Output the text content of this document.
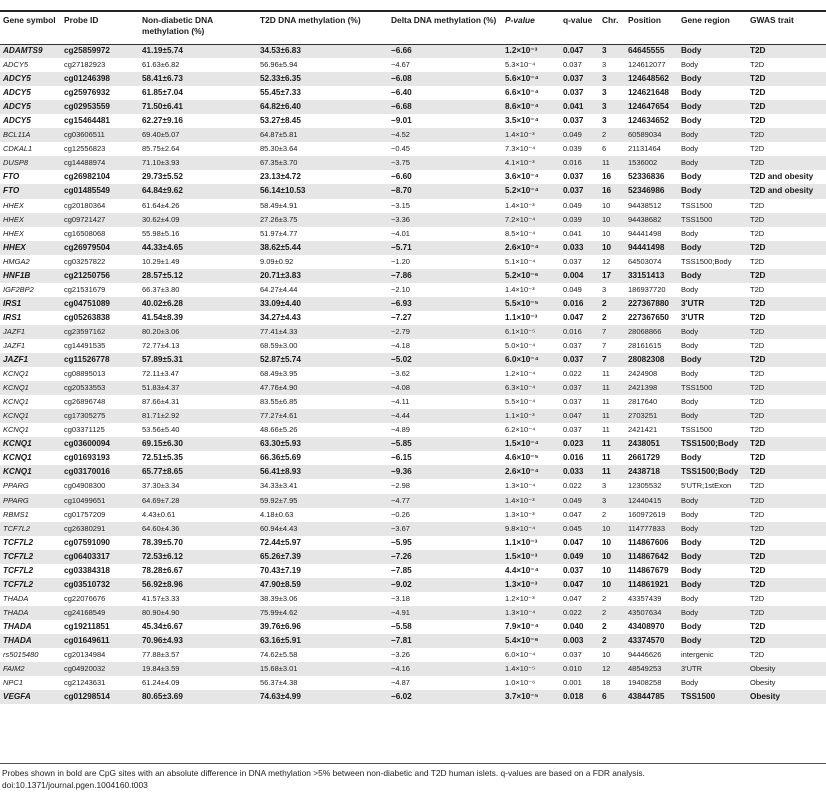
Gene symbol	Probe ID	Non-diabetic DNA methylation (%)	T2D DNA methylation (%)	Delta DNA methylation (%)	P-value	q-value	Chr.	Position	Gene region	GWAS trait
ADAMTS9	cg25859972	41.19±5.74	34.53±6.83	−6.66	1.2×10⁻³	0.047	3	64645555	Body	T2D
ADCY5	cg27182923	61.63±6.82	56.96±5.94	−4.67	5.3×10⁻⁴	0.037	3	124612077	Body	T2D
ADCY5	cg01246398	58.41±6.73	52.33±6.35	−6.08	5.6×10⁻⁴	0.037	3	124648562	Body	T2D
ADCY5	cg25976932	61.85±7.04	55.45±7.33	−6.40	6.6×10⁻⁴	0.037	3	124621648	Body	T2D
ADCY5	cg02953559	71.50±6.41	64.82±6.40	−6.68	8.6×10⁻⁴	0.041	3	124647654	Body	T2D
ADCY5	cg15464481	62.27±9.16	53.27±8.45	−9.01	3.5×10⁻⁴	0.037	3	124634652	Body	T2D
BCL11A	cg03606511	69.40±5.07	64.87±5.81	−4.52	1.4×10⁻³	0.049	2	60589034	Body	T2D
CDKAL1	cg12556823	85.75±2.64	85.30±3.64	−0.45	7.3×10⁻⁴	0.039	6	21131464	Body	T2D
DUSP8	cg14488974	71.10±3.93	67.35±3.70	−3.75	4.1×10⁻³	0.016	11	1536002	Body	T2D
FTO	cg26982104	29.73±5.52	23.13±4.72	−6.60	3.6×10⁻⁴	0.037	16	52336836	Body	T2D and obesity
FTO	cg01485549	64.84±9.62	56.14±10.53	−8.70	5.2×10⁻⁴	0.037	16	52346986	Body	T2D and obesity
HHEX	cg20180364	61.64±4.26	58.49±4.91	−3.15	1.4×10⁻³	0.049	10	94438512	TSS1500	T2D
HHEX	cg09721427	30.62±4.09	27.26±3.75	−3.36	7.2×10⁻⁴	0.039	10	94438682	TSS1500	T2D
HHEX	cg16508068	55.98±5.16	51.97±4.77	−4.01	8.5×10⁻⁴	0.041	10	94441498	Body	T2D
HHEX	cg26979504	44.33±4.65	38.62±5.44	−5.71	2.6×10⁻⁴	0.033	10	94441498	Body	T2D
HMGA2	cg03257822	10.29±1.49	9.09±0.92	−1.20	5.1×10⁻⁴	0.037	12	64503074	TSS1500;Body	T2D
HNF1B	cg21250756	28.57±5.12	20.71±3.83	−7.86	5.2×10⁻⁶	0.004	17	33151413	Body	T2D
IGF2BP2	cg21531679	66.37±3.80	64.27±4.44	−2.10	1.4×10⁻³	0.049	3	186937720	Body	T2D
IRS1	cg04751089	40.02±6.28	33.09±4.40	−6.93	5.5×10⁻⁵	0.016	2	227367880	3′UTR	T2D
IRS1	cg05263838	41.54±8.39	34.27±4.43	−7.27	1.1×10⁻³	0.047	2	227367650	3′UTR	T2D
JAZF1	cg23597162	80.20±3.06	77.41±4.33	−2.79	6.1×10⁻⁵	0.016	7	28068866	Body	T2D
JAZF1	cg14491535	72.77±4.13	68.59±3.00	−4.18	5.0×10⁻⁴	0.037	7	28161615	Body	T2D
JAZF1	cg11526778	57.89±5.31	52.87±5.74	−5.02	6.0×10⁻⁴	0.037	7	28082308	Body	T2D
KCNQ1	cg08895013	72.11±3.47	68.49±3.95	−3.62	1.2×10⁻⁴	0.022	11	2424908	Body	T2D
KCNQ1	cg20533553	51.83±4.37	47.76±4.90	−4.08	6.3×10⁻⁴	0.037	11	2421398	TSS1500	T2D
KCNQ1	cg26896748	87.66±4.31	83.55±6.85	−4.11	5.5×10⁻⁴	0.037	11	2817640	Body	T2D
KCNQ1	cg17305275	81.71±2.92	77.27±4.61	−4.44	1.1×10⁻³	0.047	11	2703251	Body	T2D
KCNQ1	cg03371125	53.56±5.40	48.66±5.26	−4.89	6.2×10⁻⁴	0.037	11	2421421	TSS1500	T2D
KCNQ1	cg03600094	69.15±6.30	63.30±5.93	−5.85	1.5×10⁻⁴	0.023	11	2438051	TSS1500;Body	T2D
KCNQ1	cg01693193	72.51±5.35	66.36±5.69	−6.15	4.6×10⁻⁵	0.016	11	2661729	Body	T2D
KCNQ1	cg03170016	65.77±8.65	56.41±8.93	−9.36	2.6×10⁻⁴	0.033	11	2438718	TSS1500;Body	T2D
PPARG	cg04908300	37.30±3.34	34.33±3.41	−2.98	1.3×10⁻⁴	0.022	3	12305532	5′UTR;1stExon	T2D
PPARG	cg10499651	64.69±7.28	59.92±7.95	−4.77	1.4×10⁻³	0.049	3	12440415	Body	T2D
RBMS1	cg01757209	4.43±0.61	4.18±0.63	−0.26	1.3×10⁻³	0.047	2	160972619	Body	T2D
TCF7L2	cg26380291	64.60±4.36	60.94±4.43	−3.67	9.8×10⁻⁴	0.045	10	114777833	Body	T2D
TCF7L2	cg07591090	78.39±5.70	72.44±5.97	−5.95	1.1×10⁻³	0.047	10	114867606	Body	T2D
TCF7L2	cg06403317	72.53±6.12	65.26±7.39	−7.26	1.5×10⁻³	0.049	10	114867642	Body	T2D
TCF7L2	cg03384318	78.28±6.67	70.43±7.19	−7.85	4.4×10⁻⁴	0.037	10	114867679	Body	T2D
TCF7L2	cg03510732	56.92±8.96	47.90±8.59	−9.02	1.3×10⁻³	0.047	10	114861921	Body	T2D
THADA	cg22076676	41.57±3.33	38.39±3.06	−3.18	1.2×10⁻³	0.047	2	43357439	Body	T2D
THADA	cg24168549	80.90±4.90	75.99±4.62	−4.91	1.3×10⁻⁴	0.022	2	43507634	Body	T2D
THADA	cg19211851	45.34±6.67	39.76±6.96	−5.58	7.9×10⁻⁴	0.040	2	43408970	Body	T2D
THADA	cg01649611	70.96±4.93	63.16±5.91	−7.81	5.4×10⁻⁶	0.003	2	43374570	Body	T2D
rs5015480	cg20134984	77.88±3.57	74.62±5.58	−3.26	6.0×10⁻⁴	0.037	10	94446626	intergenic	T2D
FAIM2	cg04920032	19.84±3.59	15.68±3.01	−4.16	1.4×10⁻⁵	0.010	12	48549253	3′UTR	Obesity
NPC1	cg21243631	61.24±4.09	56.37±4.38	−4.87	1.0×10⁻⁶	0.001	18	19408258	Body	Obesity
VEGFA	cg01298514	80.65±3.69	74.63±4.99	−6.02	3.7×10⁻⁵	0.018	6	43844785	TSS1500	Obesity
Probes shown in bold are CpG sites with an absolute difference in DNA methylation >5% between non-diabetic and T2D human islets. q-values are based on a FDR analysis.
doi:10.1371/journal.pgen.1004160.t003
